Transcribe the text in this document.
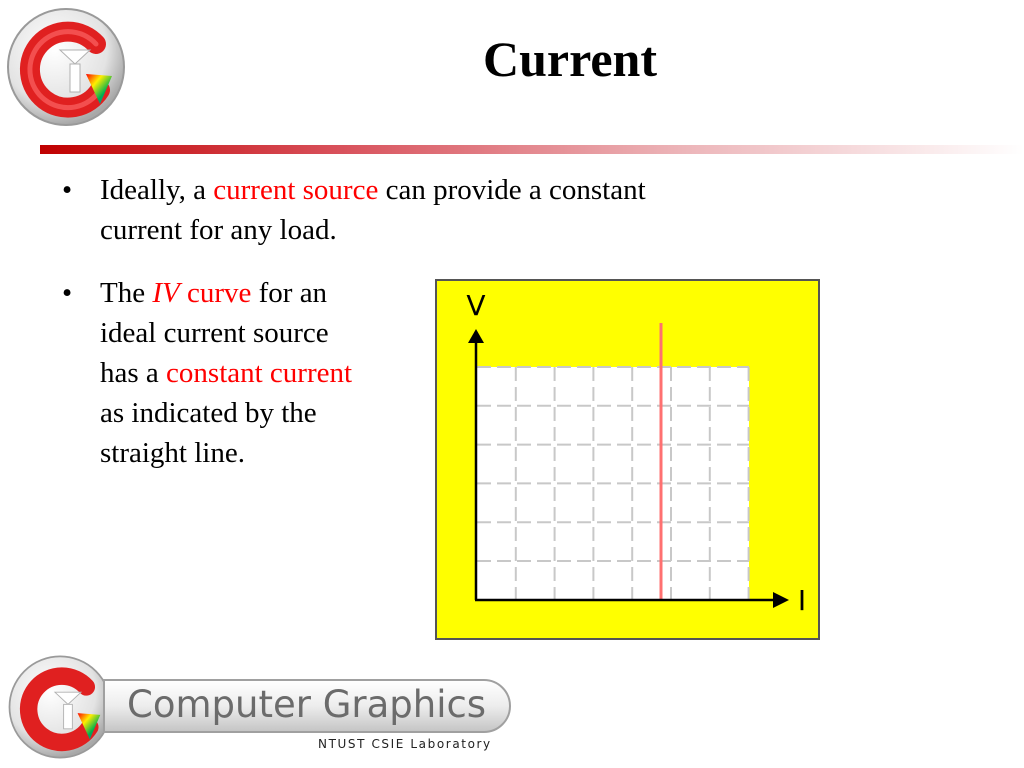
Current
• Ideally, a current source can provide a constant
current for any load.
• The IV curve for an
ideal current source
has a constant current
as indicated by the
straight line.
V
I
Computer Graphics
NTUST CSIE Laboratory
